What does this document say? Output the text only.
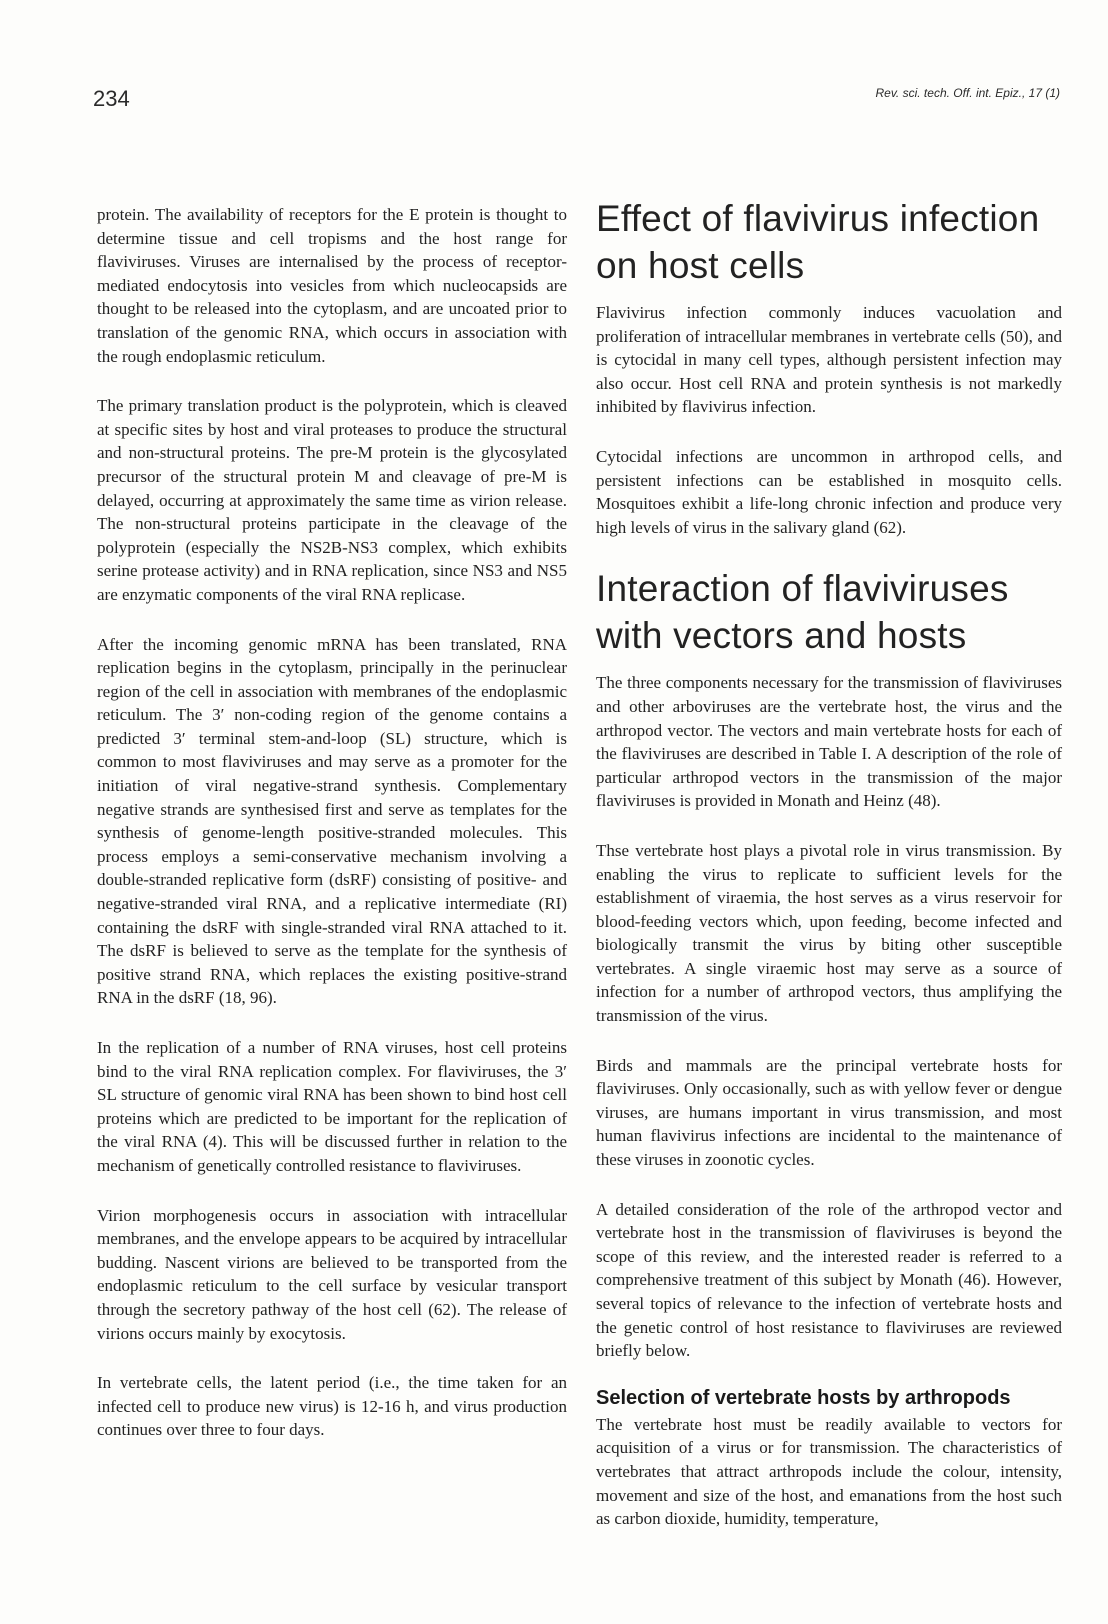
234	Rev. sci. tech. Off. int. Epiz., 17 (1)

protein. The availability of receptors for the E protein is thought to determine tissue and cell tropisms and the host range for flaviviruses. Viruses are internalised by the process of receptor-mediated endocytosis into vesicles from which nucleocapsids are thought to be released into the cytoplasm, and are uncoated prior to translation of the genomic RNA, which occurs in association with the rough endoplasmic reticulum.

The primary translation product is the polyprotein, which is cleaved at specific sites by host and viral proteases to produce the structural and non-structural proteins. The pre-M protein is the glycosylated precursor of the structural protein M and cleavage of pre-M is delayed, occurring at approximately the same time as virion release. The non-structural proteins participate in the cleavage of the polyprotein (especially the NS2B-NS3 complex, which exhibits serine protease activity) and in RNA replication, since NS3 and NS5 are enzymatic components of the viral RNA replicase.

After the incoming genomic mRNA has been translated, RNA replication begins in the cytoplasm, principally in the perinuclear region of the cell in association with membranes of the endoplasmic reticulum. The 3′ non-coding region of the genome contains a predicted 3′ terminal stem-and-loop (SL) structure, which is common to most flaviviruses and may serve as a promoter for the initiation of viral negative-strand synthesis. Complementary negative strands are synthesised first and serve as templates for the synthesis of genome-length positive-stranded molecules. This process employs a semi-conservative mechanism involving a double-stranded replicative form (dsRF) consisting of positive- and negative-stranded viral RNA, and a replicative intermediate (RI) containing the dsRF with single-stranded viral RNA attached to it. The dsRF is believed to serve as the template for the synthesis of positive strand RNA, which replaces the existing positive-strand RNA in the dsRF (18, 96).

In the replication of a number of RNA viruses, host cell proteins bind to the viral RNA replication complex. For flaviviruses, the 3′ SL structure of genomic viral RNA has been shown to bind host cell proteins which are predicted to be important for the replication of the viral RNA (4). This will be discussed further in relation to the mechanism of genetically controlled resistance to flaviviruses.

Virion morphogenesis occurs in association with intracellular membranes, and the envelope appears to be acquired by intracellular budding. Nascent virions are believed to be transported from the endoplasmic reticulum to the cell surface by vesicular transport through the secretory pathway of the host cell (62). The release of virions occurs mainly by exocytosis.

In vertebrate cells, the latent period (i.e., the time taken for an infected cell to produce new virus) is 12-16 h, and virus production continues over three to four days.

Effect of flavivirus infection on host cells

Flavivirus infection commonly induces vacuolation and proliferation of intracellular membranes in vertebrate cells (50), and is cytocidal in many cell types, although persistent infection may also occur. Host cell RNA and protein synthesis is not markedly inhibited by flavivirus infection.

Cytocidal infections are uncommon in arthropod cells, and persistent infections can be established in mosquito cells. Mosquitoes exhibit a life-long chronic infection and produce very high levels of virus in the salivary gland (62).

Interaction of flaviviruses with vectors and hosts

The three components necessary for the transmission of flaviviruses and other arboviruses are the vertebrate host, the virus and the arthropod vector. The vectors and main vertebrate hosts for each of the flaviviruses are described in Table I. A description of the role of particular arthropod vectors in the transmission of the major flaviviruses is provided in Monath and Heinz (48).

Thse vertebrate host plays a pivotal role in virus transmission. By enabling the virus to replicate to sufficient levels for the establishment of viraemia, the host serves as a virus reservoir for blood-feeding vectors which, upon feeding, become infected and biologically transmit the virus by biting other susceptible vertebrates. A single viraemic host may serve as a source of infection for a number of arthropod vectors, thus amplifying the transmission of the virus.

Birds and mammals are the principal vertebrate hosts for flaviviruses. Only occasionally, such as with yellow fever or dengue viruses, are humans important in virus transmission, and most human flavivirus infections are incidental to the maintenance of these viruses in zoonotic cycles.

A detailed consideration of the role of the arthropod vector and vertebrate host in the transmission of flaviviruses is beyond the scope of this review, and the interested reader is referred to a comprehensive treatment of this subject by Monath (46). However, several topics of relevance to the infection of vertebrate hosts and the genetic control of host resistance to flaviviruses are reviewed briefly below.

Selection of vertebrate hosts by arthropods

The vertebrate host must be readily available to vectors for acquisition of a virus or for transmission. The characteristics of vertebrates that attract arthropods include the colour, intensity, movement and size of the host, and emanations from the host such as carbon dioxide, humidity, temperature,
